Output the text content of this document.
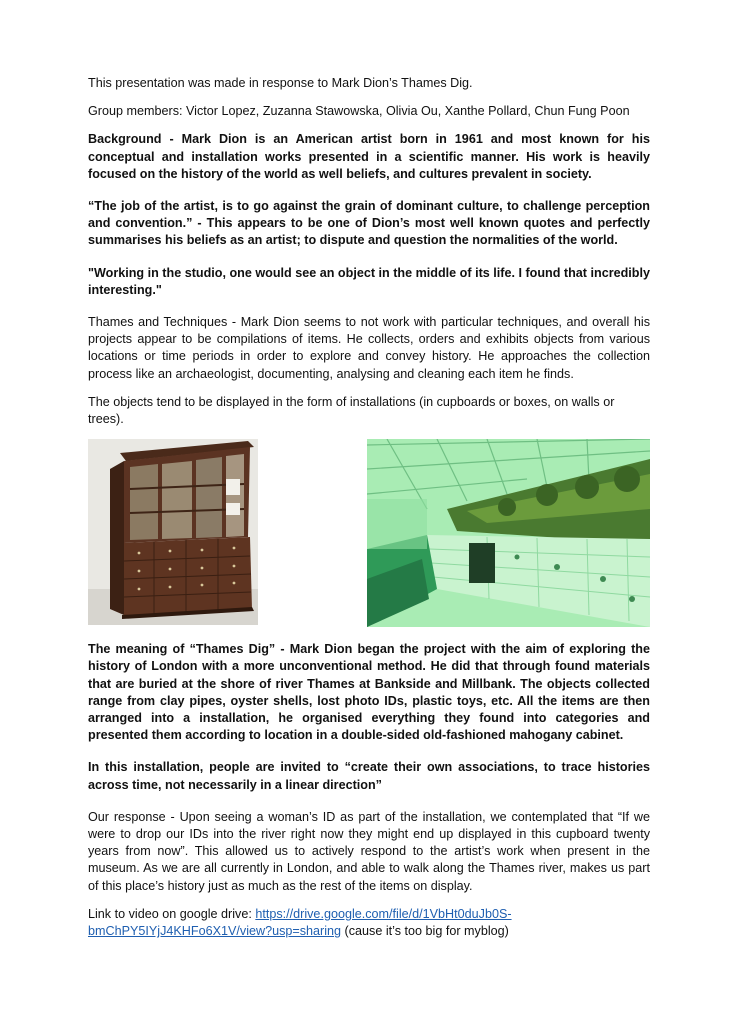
This presentation was made in response to Mark Dion’s Thames Dig.

Group members: Victor Lopez, Zuzanna Stawowska, Olivia Ou, Xanthe Pollard, Chun Fung Poon

Background - Mark Dion is an American artist born in 1961 and most known for his conceptual and installation works presented in a scientific manner. His work is heavily focused on the history of the world as well beliefs, and cultures prevalent in society.

“The job of the artist, is to go against the grain of dominant culture, to challenge perception and convention.” - This appears to be one of Dion’s most well known quotes and perfectly summarises his beliefs as an artist; to dispute and question the normalities of the world.

"Working in the studio, one would see an object in the middle of its life. I found that incredibly interesting."

Thames and Techniques - Mark Dion seems to not work with particular techniques, and overall his projects appear to be compilations of items. He collects, orders and exhibits objects from various locations or time periods in order to explore and convey history. He approaches the collection process like an archaeologist, documenting, analysing and cleaning each item he finds.

The objects tend to be displayed in the form of installations (in cupboards or boxes, on walls or trees).

The meaning of “Thames Dig” - Mark Dion began the project with the aim of exploring the history of London with a more unconventional method. He did that through found materials that are buried at the shore of river Thames at Bankside and Millbank. The objects collected range from clay pipes, oyster shells, lost photo IDs, plastic toys, etc. All the items are then arranged into a installation, he organised everything they found into categories and presented them according to location in a double-sided old-fashioned mahogany cabinet.

In this installation, people are invited to “create their own associations, to trace histories across time, not necessarily in a linear direction”

Our response - Upon seeing a woman’s ID as part of the installation, we contemplated that “If we were to drop our IDs into the river right now they might end up displayed in this cupboard twenty years from now”. This allowed us to actively respond to the artist’s work when present in the museum. As we are all currently in London, and able to walk along the Thames river, makes us part of this place’s history just as much as the rest of the items on display.

Link to video on google drive: https://drive.google.com/file/d/1VbHt0duJb0S-
bmChPY5IYjJ4KHFo6X1V/view?usp=sharing (cause it’s too big for myblog)
